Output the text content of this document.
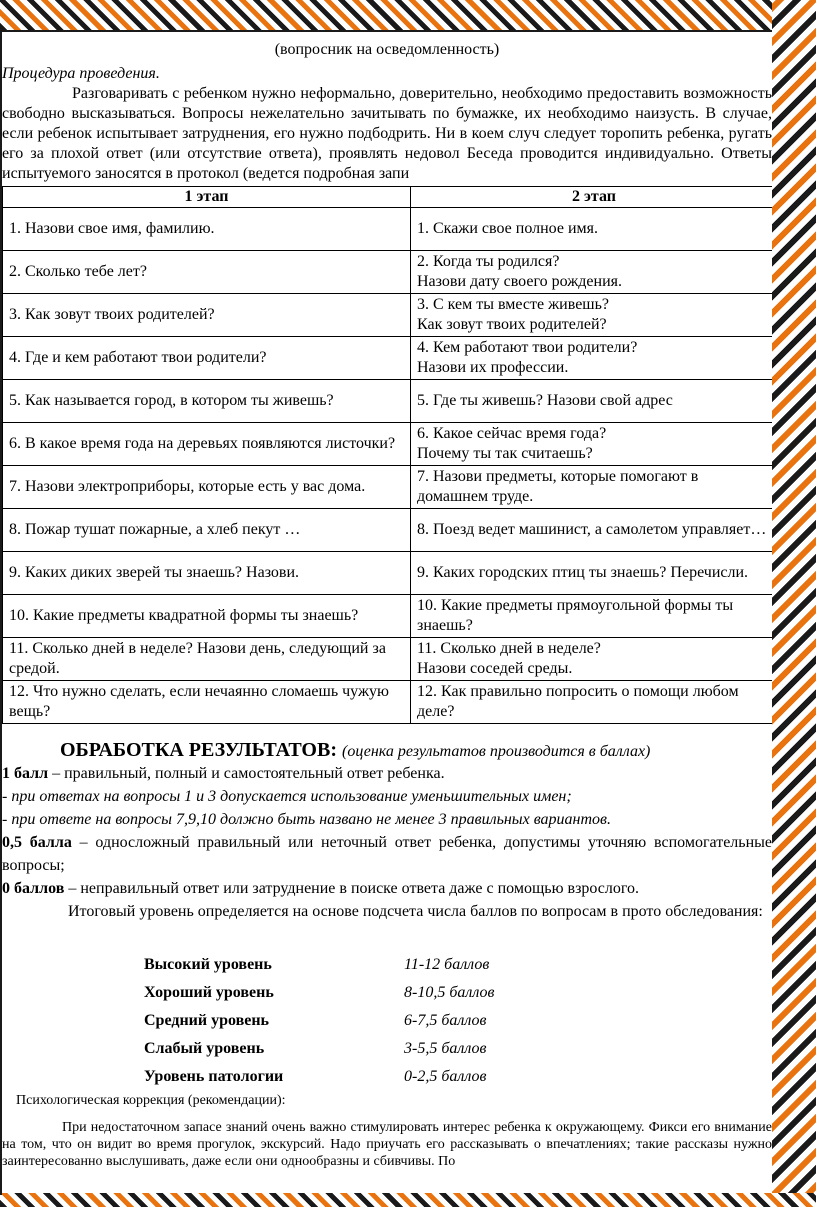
(вопросник на осведомленность)
Процедура проведения.
Разговаривать с ребенком нужно неформально, доверительно, необходимо предоставить возможность свободно высказываться. Вопросы нежелательно зачитывать по бумажке, их необходимо наизусть. В случае, если ребенок испытывает затруднения, его нужно подбодрить. Ни в коем случ следует торопить ребенка, ругать его за плохой ответ (или отсутствие ответа), проявлять недовол Беседа проводится индивидуально. Ответы испытуемого заносятся в протокол (ведется подробная запи
1 этап	2 этап
1. Назови свое имя, фамилию.	1. Скажи свое полное имя.
2. Сколько тебе лет?	2. Когда ты родился?
Назови дату своего рождения.
3. Как зовут твоих родителей?	3. С кем ты вместе живешь?
Как зовут твоих родителей?
4. Где и кем работают твои родители?	4. Кем работают твои родители?
Назови их профессии.
5. Как называется город, в котором ты живешь?	5. Где ты живешь? Назови свой адрес
6. В какое время года на деревьях появляются листочки?	6. Какое сейчас время года?
Почему ты так считаешь?
7. Назови электроприборы, которые есть у вас дома.	7. Назови предметы, которые помогают в домашнем труде.
8. Пожар тушат пожарные, а хлеб пекут …	8. Поезд ведет машинист, а самолетом управляет…
9. Каких диких зверей ты знаешь? Назови.	9. Каких городских птиц ты знаешь? Перечисли.
10. Какие предметы квадратной формы ты знаешь?	10. Какие предметы прямоугольной формы ты знаешь?
11. Сколько дней в неделе? Назови день, следующий за средой.	11. Сколько дней в неделе?
Назови соседей среды.
12. Что нужно сделать, если нечаянно сломаешь чужую вещь?	12. Как правильно попросить о помощи любом деле?
ОБРАБОТКА РЕЗУЛЬТАТОВ: (оценка результатов производится в баллах)

1 балл – правильный, полный и самостоятельный ответ ребенка.

- при ответах на вопросы 1 и 3 допускается использование уменьшительных имен;

- при ответе на вопросы 7,9,10 должно быть названо не менее 3 правильных вариантов.

0,5 балла – односложный правильный или неточный ответ ребенка, допустимы уточняю вспомогательные вопросы;

0 баллов – неправильный ответ или затруднение в поиске ответа даже с помощью взрослого.

Итоговый уровень определяется на основе подсчета числа баллов по вопросам в прото обследования:

Высокий уровень	11-12 баллов
Хороший уровень	8-10,5 баллов
Средний уровень	6-7,5 баллов
Слабый уровень	3-5,5 баллов
Уровень патологии	0-2,5 баллов
Психологическая коррекция (рекомендации):
При недостаточном запасе знаний очень важно стимулировать интерес ребенка к окружающему. Фикси его внимание на том, что он видит во время прогулок, экскурсий. Надо приучать его рассказывать о впечатлениях; такие рассказы нужно заинтересованно выслушивать, даже если они однообразны и сбивчивы. По
